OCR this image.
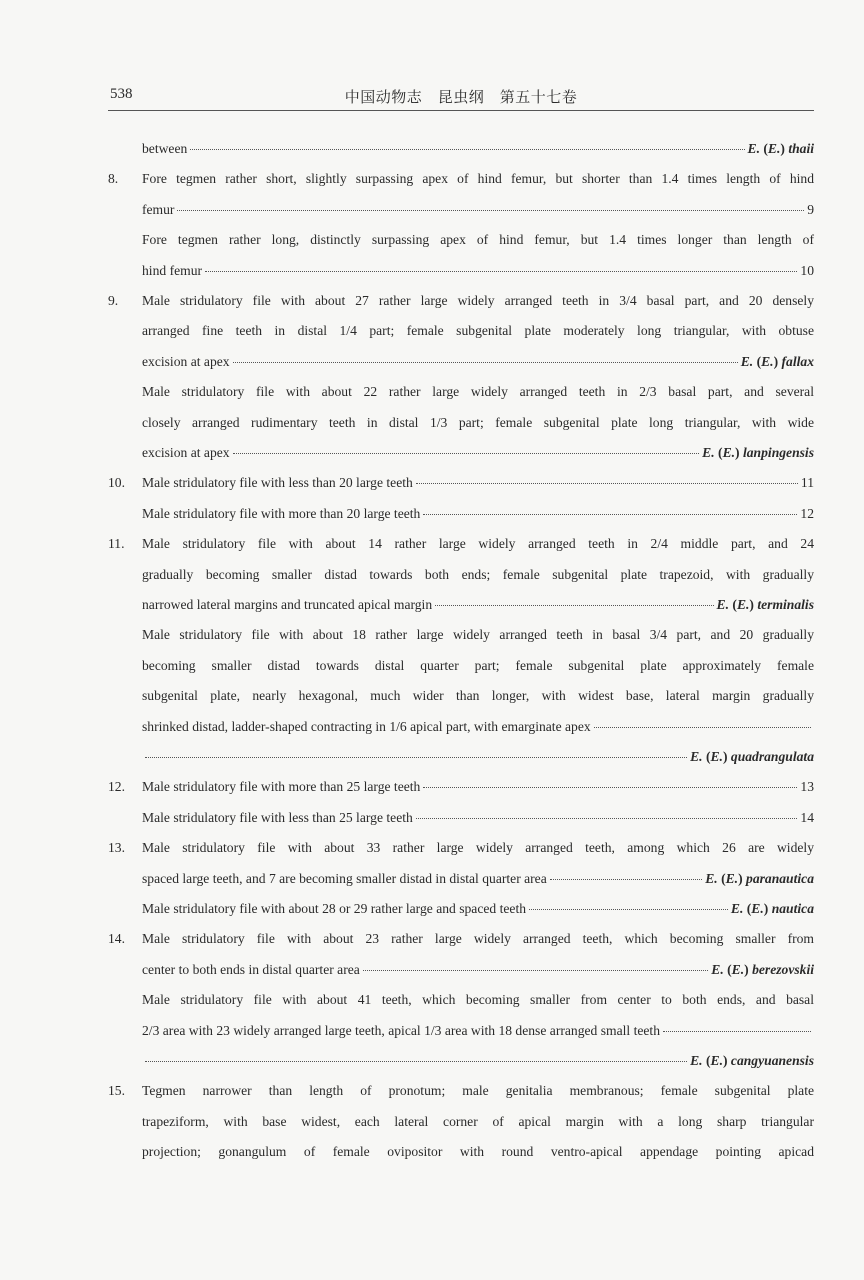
538	中国动物志　昆虫纲　第五十七卷
between	E. (E.) thaii
8. Fore tegmen rather short, slightly surpassing apex of hind femur, but shorter than 1.4 times length of hind
femur	9
Fore tegmen rather long, distinctly surpassing apex of hind femur, but 1.4 times longer than length of
hind femur	10
9. Male stridulatory file with about 27 rather large widely arranged teeth in 3/4 basal part, and 20 densely
arranged fine teeth in distal 1/4 part; female subgenital plate moderately long triangular, with obtuse
excision at apex	E. (E.) fallax
Male stridulatory file with about 22 rather large widely arranged teeth in 2/3 basal part, and several
closely arranged rudimentary teeth in distal 1/3 part; female subgenital plate long triangular, with wide
excision at apex	E. (E.) lanpingensis
10. Male stridulatory file with less than 20 large teeth	11
Male stridulatory file with more than 20 large teeth	12
11. Male stridulatory file with about 14 rather large widely arranged teeth in 2/4 middle part, and 24
gradually becoming smaller distad towards both ends; female subgenital plate trapezoid, with gradually
narrowed lateral margins and truncated apical margin	E. (E.) terminalis
Male stridulatory file with about 18 rather large widely arranged teeth in basal 3/4 part, and 20 gradually
becoming smaller distad towards distal quarter part; female subgenital plate approximately female
subgenital plate, nearly hexagonal, much wider than longer, with widest base, lateral margin gradually
shrinked distad, ladder-shaped contracting in 1/6 apical part, with emarginate apex
E. (E.) quadrangulata
12. Male stridulatory file with more than 25 large teeth	13
Male stridulatory file with less than 25 large teeth	14
13. Male stridulatory file with about 33 rather large widely arranged teeth, among which 26 are widely
spaced large teeth, and 7 are becoming smaller distad in distal quarter area	E. (E.) paranautica
Male stridulatory file with about 28 or 29 rather large and spaced teeth	E. (E.) nautica
14. Male stridulatory file with about 23 rather large widely arranged teeth, which becoming smaller from
center to both ends in distal quarter area	E. (E.) berezovskii
Male stridulatory file with about 41 teeth, which becoming smaller from center to both ends, and basal
2/3 area with 23 widely arranged large teeth, apical 1/3 area with 18 dense arranged small teeth
E. (E.) cangyuanensis
15. Tegmen narrower than length of pronotum; male genitalia membranous; female subgenital plate
trapeziform, with base widest, each lateral corner of apical margin with a long sharp triangular
projection; gonangulum of female ovipositor with round ventro-apical appendage pointing apicad
